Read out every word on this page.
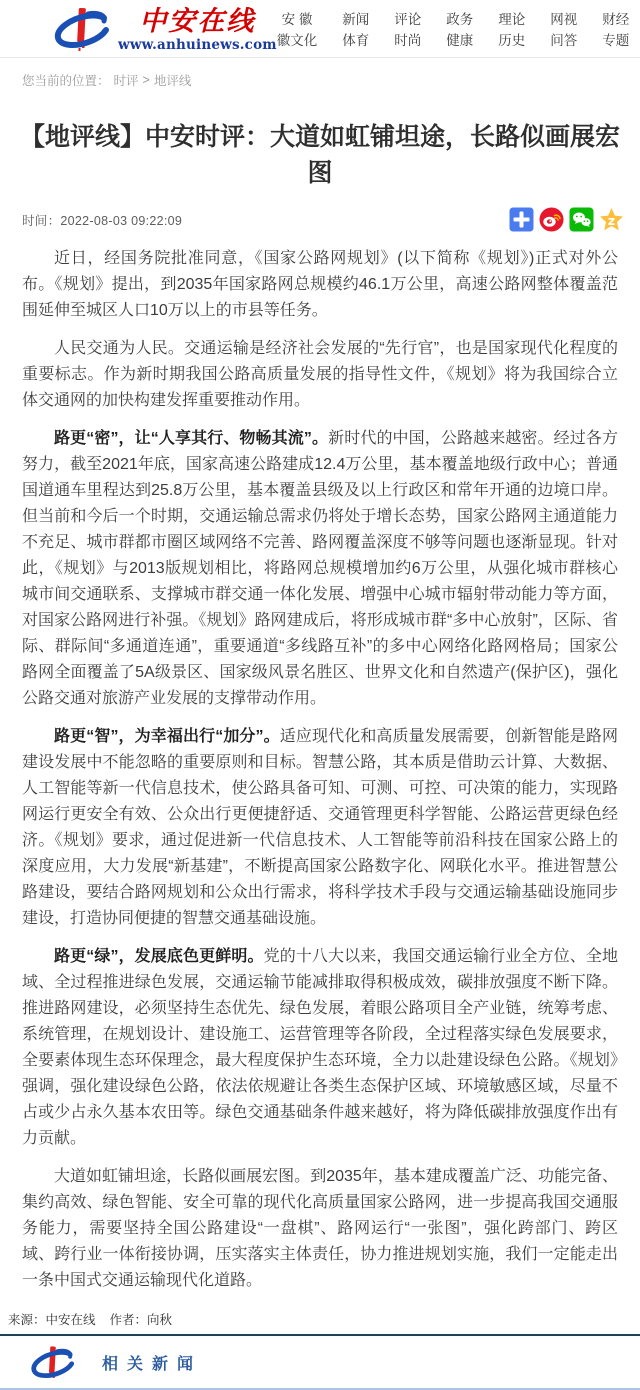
中安在线
www.anhuinews.com
安 徽
徽文化
新闻
体育
评论
时尚
政务
健康
理论
历史
网视
问答
财经
专题
您当前的位置： 时评 > 地评线
【地评线】中安时评：大道如虹铺坦途，长路似画展宏图
时间：2022-08-03 09:22:09

近日，经国务院批准同意，《国家公路网规划》(以下简称《规划》)正式对外公布。《规划》提出，到2035年国家路网总规模约46.1万公里，高速公路网整体覆盖范围延伸至城区人口10万以上的市县等任务。

人民交通为人民。交通运输是经济社会发展的“先行官”，也是国家现代化程度的重要标志。作为新时期我国公路高质量发展的指导性文件，《规划》将为我国综合立体交通网的加快构建发挥重要推动作用。

路更“密”，让“人享其行、物畅其流”。新时代的中国，公路越来越密。经过各方努力，截至2021年底，国家高速公路建成12.4万公里，基本覆盖地级行政中心；普通国道通车里程达到25.8万公里，基本覆盖县级及以上行政区和常年开通的边境口岸。但当前和今后一个时期，交通运输总需求仍将处于增长态势，国家公路网主通道能力不充足、城市群都市圈区域网络不完善、路网覆盖深度不够等问题也逐渐显现。针对此，《规划》与2013版规划相比，将路网总规模增加约6万公里，从强化城市群核心城市间交通联系、支撑城市群交通一体化发展、增强中心城市辐射带动能力等方面，对国家公路网进行补强。《规划》路网建成后，将形成城市群“多中心放射”，区际、省际、群际间“多通道连通”，重要通道“多线路互补”的多中心网络化路网格局；国家公路网全面覆盖了5A级景区、国家级风景名胜区、世界文化和自然遗产(保护区)，强化公路交通对旅游产业发展的支撑带动作用。

路更“智”，为幸福出行“加分”。适应现代化和高质量发展需要，创新智能是路网建设发展中不能忽略的重要原则和目标。智慧公路，其本质是借助云计算、大数据、人工智能等新一代信息技术，使公路具备可知、可测、可控、可决策的能力，实现路网运行更安全有效、公众出行更便捷舒适、交通管理更科学智能、公路运营更绿色经济。《规划》要求，通过促进新一代信息技术、人工智能等前沿科技在国家公路上的深度应用，大力发展“新基建”，不断提高国家公路数字化、网联化水平。推进智慧公路建设，要结合路网规划和公众出行需求，将科学技术手段与交通运输基础设施同步建设，打造协同便捷的智慧交通基础设施。

路更“绿”，发展底色更鲜明。党的十八大以来，我国交通运输行业全方位、全地域、全过程推进绿色发展，交通运输节能减排取得积极成效，碳排放强度不断下降。推进路网建设，必须坚持生态优先、绿色发展，着眼公路项目全产业链，统筹考虑、系统管理，在规划设计、建设施工、运营管理等各阶段，全过程落实绿色发展要求，全要素体现生态环保理念，最大程度保护生态环境，全力以赴建设绿色公路。《规划》强调，强化建设绿色公路，依法依规避让各类生态保护区域、环境敏感区域，尽量不占或少占永久基本农田等。绿色交通基础条件越来越好，将为降低碳排放强度作出有力贡献。

大道如虹铺坦途，长路似画展宏图。到2035年，基本建成覆盖广泛、功能完备、集约高效、绿色智能、安全可靠的现代化高质量国家公路网，进一步提高我国交通服务能力，需要坚持全国公路建设“一盘棋”、路网运行“一张图”，强化跨部门、跨区域、跨行业一体衔接协调，压实落实主体责任，协力推进规划实施，我们一定能走出一条中国式交通运输现代化道路。

来源：中安在线 作者：向秋
相关新闻
